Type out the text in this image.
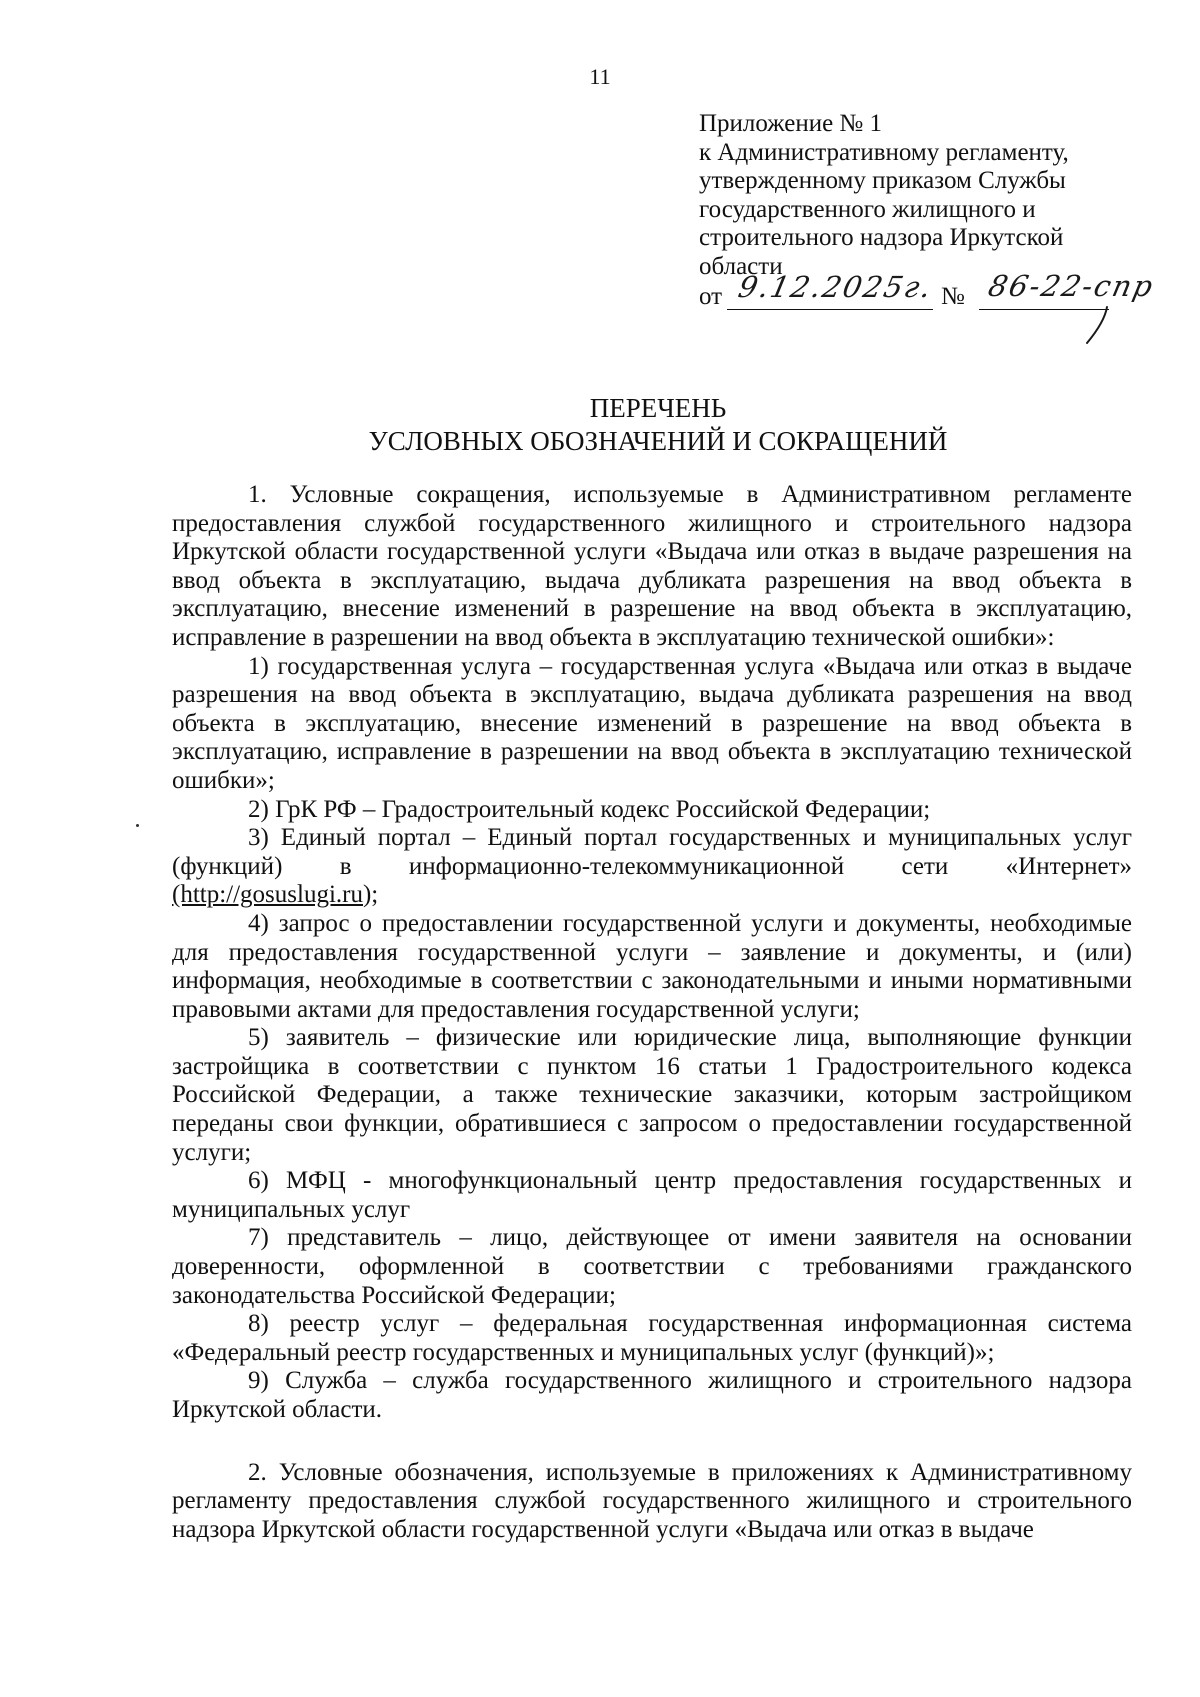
11
Приложение № 1
к Административному регламенту,
утвержденному приказом Службы
государственного жилищного и
строительного надзора Иркутской
области
от 9.12.2025г. № 86-22-спр
ПЕРЕЧЕНЬ
УСЛОВНЫХ ОБОЗНАЧЕНИЙ И СОКРАЩЕНИЙ
1. Условные сокращения, используемые в Административном регламенте предоставления службой государственного жилищного и строительного надзора Иркутской области государственной услуги «Выдача или отказ в выдаче разрешения на ввод объекта в эксплуатацию, выдача дубликата разрешения на ввод объекта в эксплуатацию, внесение изменений в разрешение на ввод объекта в эксплуатацию, исправление в разрешении на ввод объекта в эксплуатацию технической ошибки»:
1) государственная услуга – государственная услуга «Выдача или отказ в выдаче разрешения на ввод объекта в эксплуатацию, выдача дубликата разрешения на ввод объекта в эксплуатацию, внесение изменений в разрешение на ввод объекта в эксплуатацию, исправление в разрешении на ввод объекта в эксплуатацию технической ошибки»;
2) ГрК РФ – Градостроительный кодекс Российской Федерации;
3) Единый портал – Единый портал государственных и муниципальных услуг
(функций) в информационно-телекоммуникационной сети «Интернет»
(http://gosuslugi.ru);
4) запрос о предоставлении государственной услуги и документы, необходимые для предоставления государственной услуги – заявление и документы, и (или) информация, необходимые в соответствии с законодательными и иными нормативными правовыми актами для предоставления государственной услуги;
5) заявитель – физические или юридические лица, выполняющие функции застройщика в соответствии с пунктом 16 статьи 1 Градостроительного кодекса Российской Федерации, а также технические заказчики, которым застройщиком переданы свои функции, обратившиеся с запросом о предоставлении государственной услуги;
6) МФЦ - многофункциональный центр предоставления государственных и муниципальных услуг
7) представитель – лицо, действующее от имени заявителя на основании доверенности, оформленной в соответствии с требованиями гражданского законодательства Российской Федерации;
8) реестр услуг – федеральная государственная информационная система «Федеральный реестр государственных и муниципальных услуг (функций)»;
9) Служба – служба государственного жилищного и строительного надзора Иркутской области.
2. Условные обозначения, используемые в приложениях к Административному регламенту предоставления службой государственного жилищного и строительного надзора Иркутской области государственной услуги «Выдача или отказ в выдаче
